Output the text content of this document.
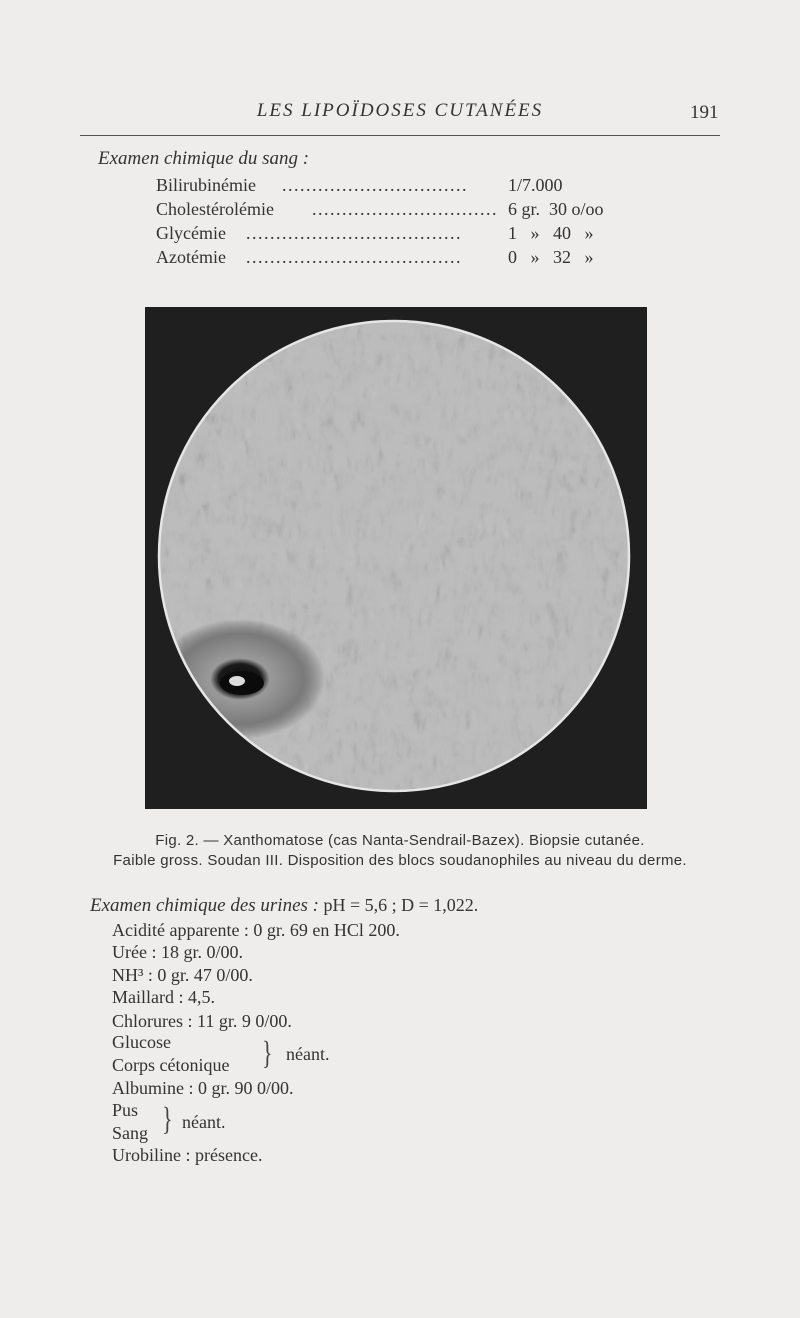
LES LIPOÏDOSES CUTANÉES	191
Examen chimique du sang :
Bilirubinémie ...............................	1/7.000
Cholestérolémie ............................... 6 gr.  30 o/oo
Glycémie ....................................	1   »   40   »
Azotémie ....................................	0   »   32   »
Fig. 2. — Xanthomatose (cas Nanta-Sendrail-Bazex). Biopsie cutanée.
Faible gross. Soudan III. Disposition des blocs soudanophiles au niveau du derme.
Examen chimique des urines : pH = 5,6 ; D = 1,022.
Acidité apparente : 0 gr. 69 en HCl 200.
Urée : 18 gr. 0/00.
NH³ : 0 gr. 47 0/00.
Maillard : 4,5.
Chlorures : 11 gr. 9 0/00.
Glucose
Corps cétonique } néant.
Albumine : 0 gr. 90 0/00.
Pus
Sang } néant.
Urobiline : présence.
